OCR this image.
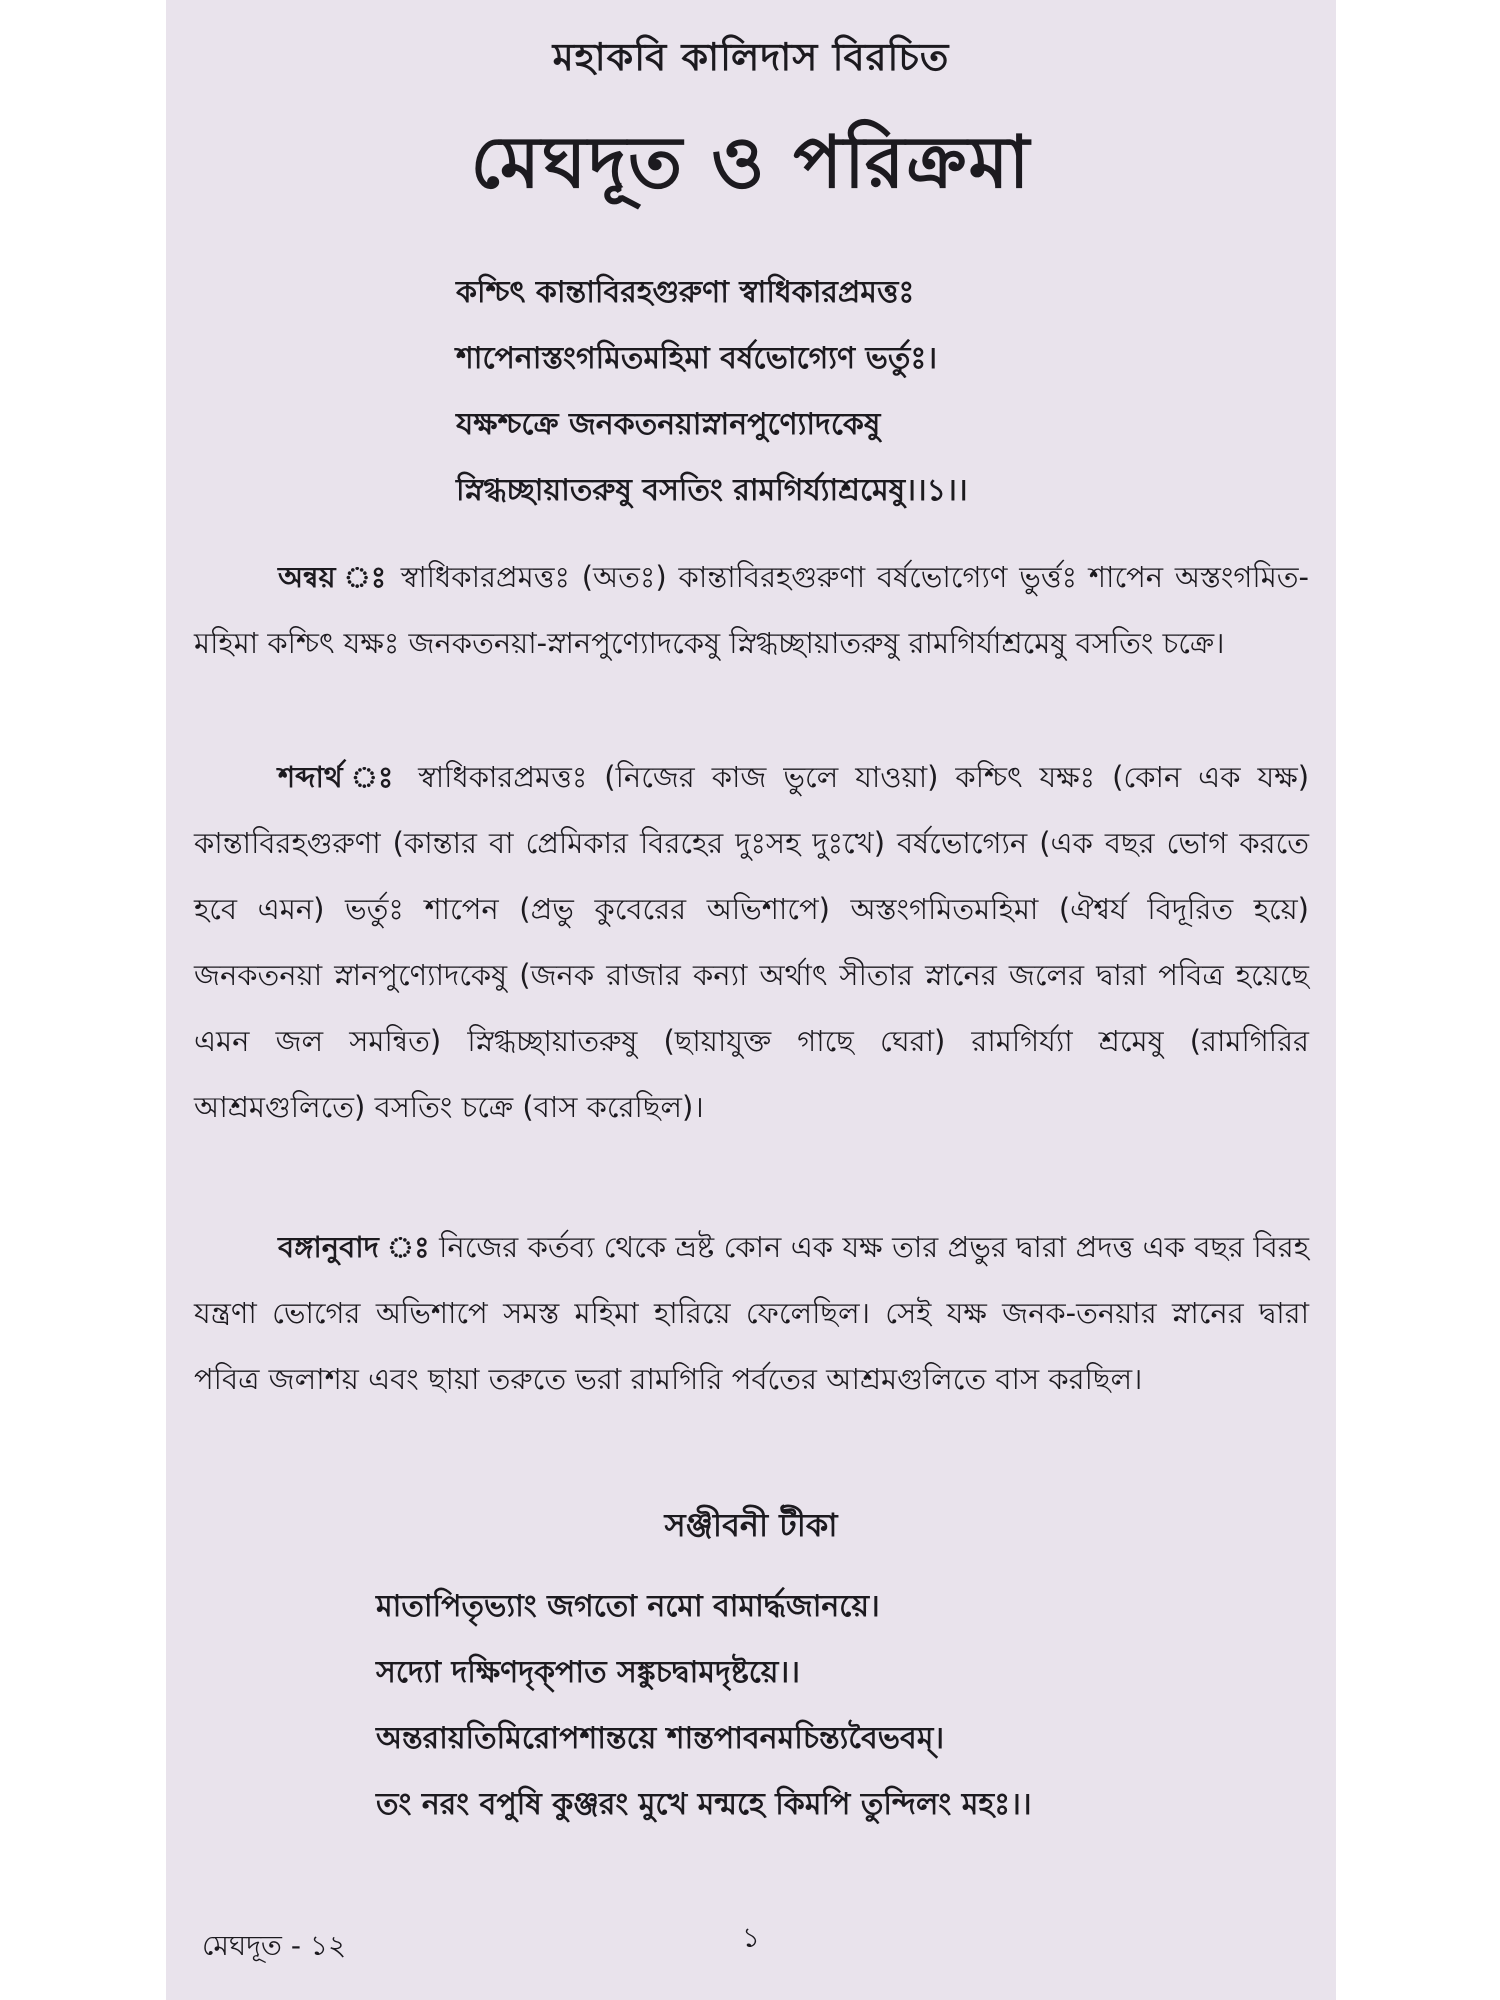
মহাকবি কালিদাস বিরচিত
মেঘদূত ও পরিক্রমা
কশ্চিৎ কান্তাবিরহগুরুণা স্বাধিকারপ্রমত্তঃ
শাপেনাস্তংগমিতমহিমা বর্ষভোগ্যেণ ভর্তুঃ।
যক্ষশ্চক্রে জনকতনয়াস্নানপুণ্যোদকেষু
স্নিগ্ধচ্ছায়াতরুষু বসতিং রামগির্য্যাশ্রমেষু।।১।।
অন্বয় ঃ স্বাধিকারপ্রমত্তঃ (অতঃ) কান্তাবিরহগুরুণা বর্ষভোগ্যেণ ভুর্ত্তঃ শাপেন অস্তংগমিত-মহিমা কশ্চিৎ যক্ষঃ জনকতনয়া-স্নানপুণ্যোদকেষু স্নিগ্ধচ্ছায়াতরুষু রামগির্যাশ্রমেষু বসতিং চক্রে।
শব্দার্থ ঃ স্বাধিকারপ্রমত্তঃ (নিজের কাজ ভুলে যাওয়া) কশ্চিৎ যক্ষঃ (কোন এক যক্ষ) কান্তাবিরহগুরুণা (কান্তার বা প্রেমিকার বিরহের দুঃসহ দুঃখে) বর্ষভোগ্যেন (এক বছর ভোগ করতে হবে এমন) ভর্তুঃ শাপেন (প্রভু কুবেরের অভিশাপে) অস্তংগমিতমহিমা (ঐশ্বর্য বিদূরিত হয়ে) জনকতনয়া স্নানপুণ্যোদকেষু (জনক রাজার কন্যা অর্থাৎ সীতার স্নানের জলের দ্বারা পবিত্র হয়েছে এমন জল সমন্বিত) স্নিগ্ধচ্ছায়াতরুষু (ছায়াযুক্ত গাছে ঘেরা) রামগির্য্যা শ্রমেষু (রামগিরির আশ্রমগুলিতে) বসতিং চক্রে (বাস করেছিল)।
বঙ্গানুবাদ ঃ নিজের কর্তব্য থেকে ভ্রষ্ট কোন এক যক্ষ তার প্রভুর দ্বারা প্রদত্ত এক বছর বিরহ যন্ত্রণা ভোগের অভিশাপে সমস্ত মহিমা হারিয়ে ফেলেছিল। সেই যক্ষ জনক-তনয়ার স্নানের দ্বারা পবিত্র জলাশয় এবং ছায়া তরুতে ভরা রামগিরি পর্বতের আশ্রমগুলিতে বাস করছিল।
সঞ্জীবনী টীকা
মাতাপিতৃভ্যাং জগতো নমো বামার্দ্ধজানয়ে।
সদ্যো দক্ষিণদৃক্পাত সঙ্কুচদ্বামদৃষ্টয়ে।।
অন্তরায়তিমিরোপশান্তয়ে শান্তপাবনমচিন্ত্যবৈভবম্।
তং নরং বপুষি কুঞ্জরং মুখে মন্মহে কিমপি তুন্দিলং মহঃ।।
মেঘদূত - ১২	১
